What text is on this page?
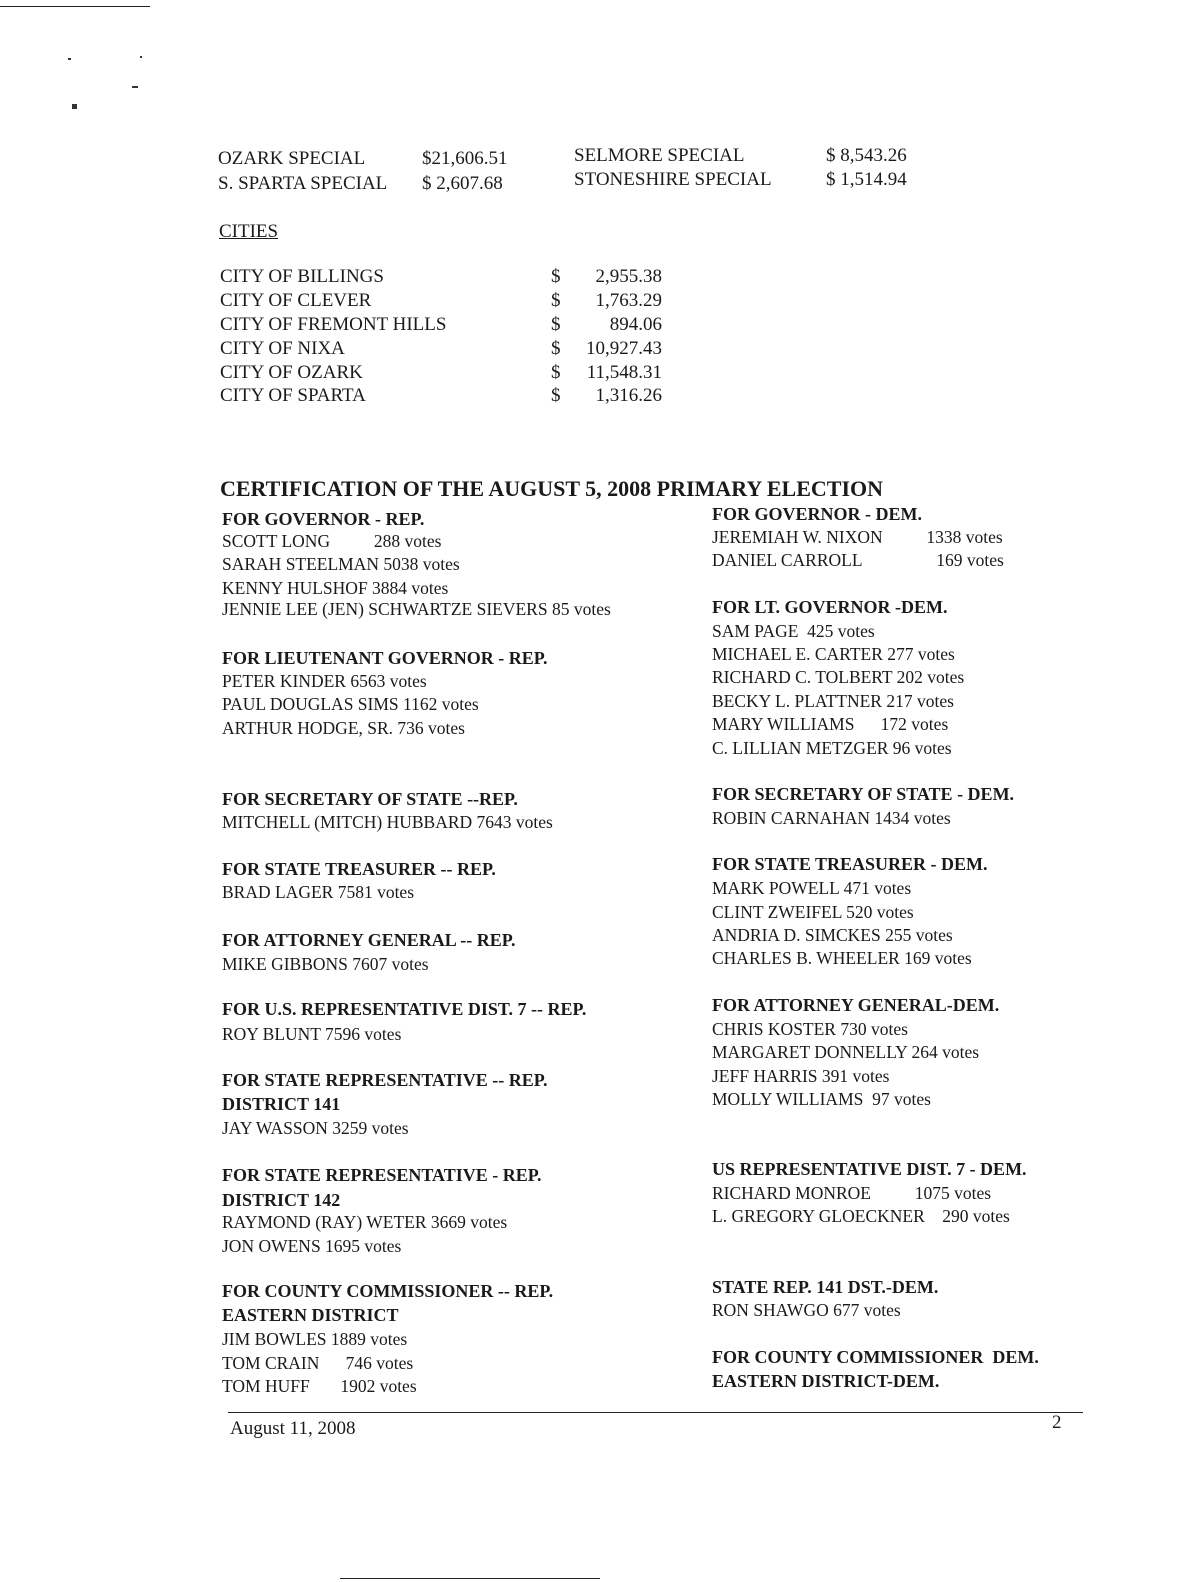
OZARK SPECIAL	$21,606.51
S. SPARTA SPECIAL $ 2,607.68
SELMORE SPECIAL	$ 8,543.26
STONESHIRE SPECIAL	$ 1,514.94
CITIES
CITY OF BILLINGS	$ 2,955.38
CITY OF CLEVER	$ 1,763.29
CITY OF FREMONT HILLS	$	894.06
CITY OF NIXA	$ 10,927.43
CITY OF OZARK	$ 11,548.31
CITY OF SPARTA	$ 1,316.26
CERTIFICATION OF THE AUGUST 5, 2008 PRIMARY ELECTION
FOR GOVERNOR - REP.
SCOTT LONG          288 votes
SARAH STEELMAN 5038 votes
KENNY HULSHOF 3884 votes
JENNIE LEE (JEN) SCHWARTZE SIEVERS 85 votes
FOR LIEUTENANT GOVERNOR - REP.
PETER KINDER 6563 votes
PAUL DOUGLAS SIMS 1162 votes
ARTHUR HODGE, SR. 736 votes
FOR SECRETARY OF STATE --REP.
MITCHELL (MITCH) HUBBARD 7643 votes
FOR STATE TREASURER -- REP.
BRAD LAGER 7581 votes
FOR ATTORNEY GENERAL -- REP.
MIKE GIBBONS 7607 votes
FOR U.S. REPRESENTATIVE DIST. 7 -- REP.
ROY BLUNT 7596 votes
FOR STATE REPRESENTATIVE -- REP.
DISTRICT 141
JAY WASSON 3259 votes
FOR STATE REPRESENTATIVE - REP.
DISTRICT 142
RAYMOND (RAY) WETER 3669 votes
JON OWENS 1695 votes
FOR COUNTY COMMISSIONER -- REP.
EASTERN DISTRICT
JIM BOWLES 1889 votes
TOM CRAIN      746 votes
TOM HUFF       1902 votes
FOR GOVERNOR - DEM.
JEREMIAH W. NIXON          1338 votes
DANIEL CARROLL                 169 votes
FOR LT. GOVERNOR -DEM.
SAM PAGE  425 votes
MICHAEL E. CARTER 277 votes
RICHARD C. TOLBERT 202 votes
BECKY L. PLATTNER 217 votes
MARY WILLIAMS      172 votes
C. LILLIAN METZGER 96 votes
FOR SECRETARY OF STATE - DEM.
ROBIN CARNAHAN 1434 votes
FOR STATE TREASURER - DEM.
MARK POWELL 471 votes
CLINT ZWEIFEL 520 votes
ANDRIA D. SIMCKES 255 votes
CHARLES B. WHEELER 169 votes
FOR ATTORNEY GENERAL-DEM.
CHRIS KOSTER 730 votes
MARGARET DONNELLY 264 votes
JEFF HARRIS 391 votes
MOLLY WILLIAMS  97 votes
US REPRESENTATIVE DIST. 7 - DEM.
RICHARD MONROE          1075 votes
L. GREGORY GLOECKNER    290 votes
STATE REP. 141 DST.-DEM.
RON SHAWGO 677 votes
FOR COUNTY COMMISSIONER  DEM.
EASTERN DISTRICT-DEM.
August 11, 2008	2
